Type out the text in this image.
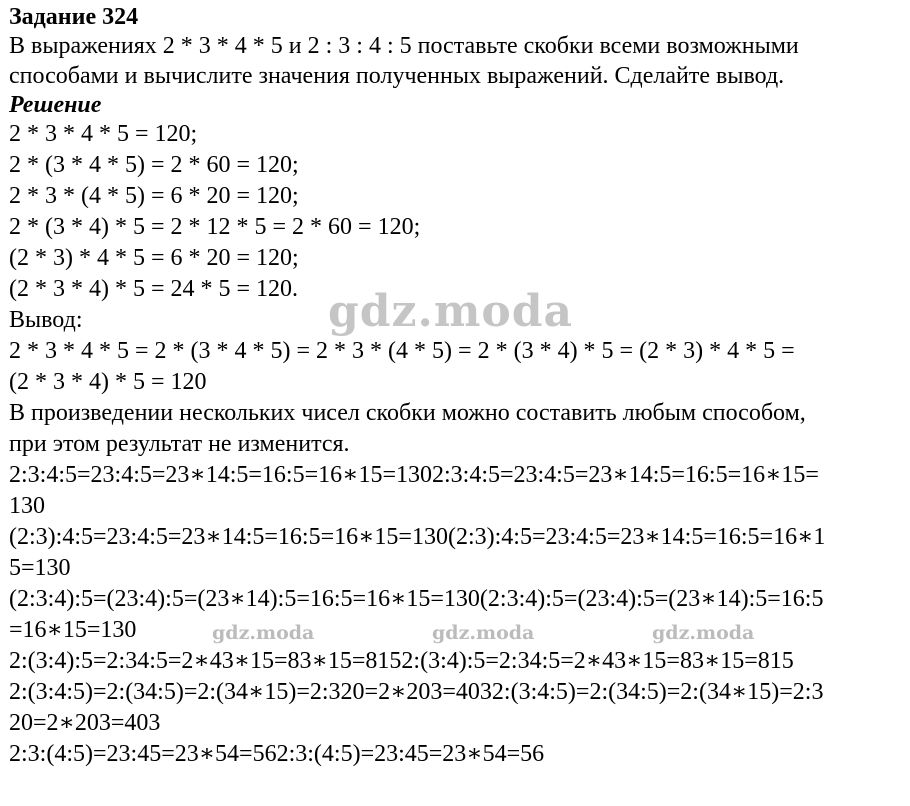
Задание 324
В выражениях 2 * 3 * 4 * 5 и 2 : 3 : 4 : 5 поставьте скобки всеми возможными
способами и вычислите значения полученных выражений. Сделайте вывод.
Решение
2 * 3 * 4 * 5 = 120;
2 * (3 * 4 * 5) = 2 * 60 = 120;
2 * 3 * (4 * 5) = 6 * 20 = 120;
2 * (3 * 4) * 5 = 2 * 12 * 5 = 2 * 60 = 120;
(2 * 3) * 4 * 5 = 6 * 20 = 120;
(2 * 3 * 4) * 5 = 24 * 5 = 120.
Вывод:
2 * 3 * 4 * 5 = 2 * (3 * 4 * 5) = 2 * 3 * (4 * 5) = 2 * (3 * 4) * 5 = (2 * 3) * 4 * 5 =
(2 * 3 * 4) * 5 = 120
В произведении нескольких чисел скобки можно составить любым способом,
при этом результат не изменится.
2:3:4:5=23:4:5=23∗14:5=16:5=16∗15=1302:3:4:5=23:4:5=23∗14:5=16:5=16∗15=
130
(2:3):4:5=23:4:5=23∗14:5=16:5=16∗15=130(2:3):4:5=23:4:5=23∗14:5=16:5=16∗1
5=130
(2:3:4):5=(23:4):5=(23∗14):5=16:5=16∗15=130(2:3:4):5=(23:4):5=(23∗14):5=16:5
=16∗15=130
2:(3:4):5=2:34:5=2∗43∗15=83∗15=8152:(3:4):5=2:34:5=2∗43∗15=83∗15=815
2:(3:4:5)=2:(34:5)=2:(34∗15)=2:320=2∗203=4032:(3:4:5)=2:(34:5)=2:(34∗15)=2:3
20=2∗203=403
2:3:(4:5)=23:45=23∗54=562:3:(4:5)=23:45=23∗54=56
gdz.moda
gdz.moda	gdz.moda	gdz.moda
